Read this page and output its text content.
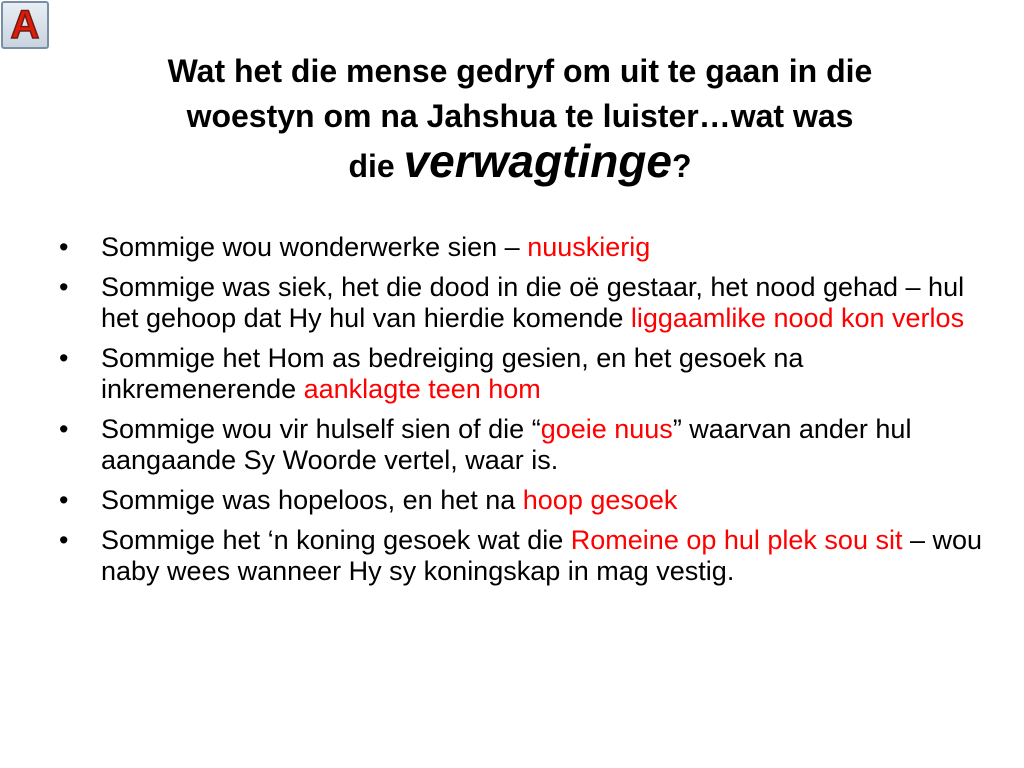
A
Wat het die mense gedryf om uit te gaan in die
woestyn om na Jahshua te luister…wat was
die verwagtinge?
• Sommige wou wonderwerke sien – nuuskierig
• Sommige was siek, het die dood in die oë gestaar, het nood gehad – hul het gehoop dat Hy hul van hierdie komende liggaamlike nood kon verlos
• Sommige het Hom as bedreiging gesien, en het gesoek na inkremenerende aanklagte teen hom
• Sommige wou vir hulself sien of die “goeie nuus” waarvan ander hul aangaande Sy Woorde vertel, waar is.
• Sommige was hopeloos, en het na hoop gesoek
• Sommige het ‘n koning gesoek wat die Romeine op hul plek sou sit – wou naby wees wanneer Hy sy koningskap in mag vestig.
